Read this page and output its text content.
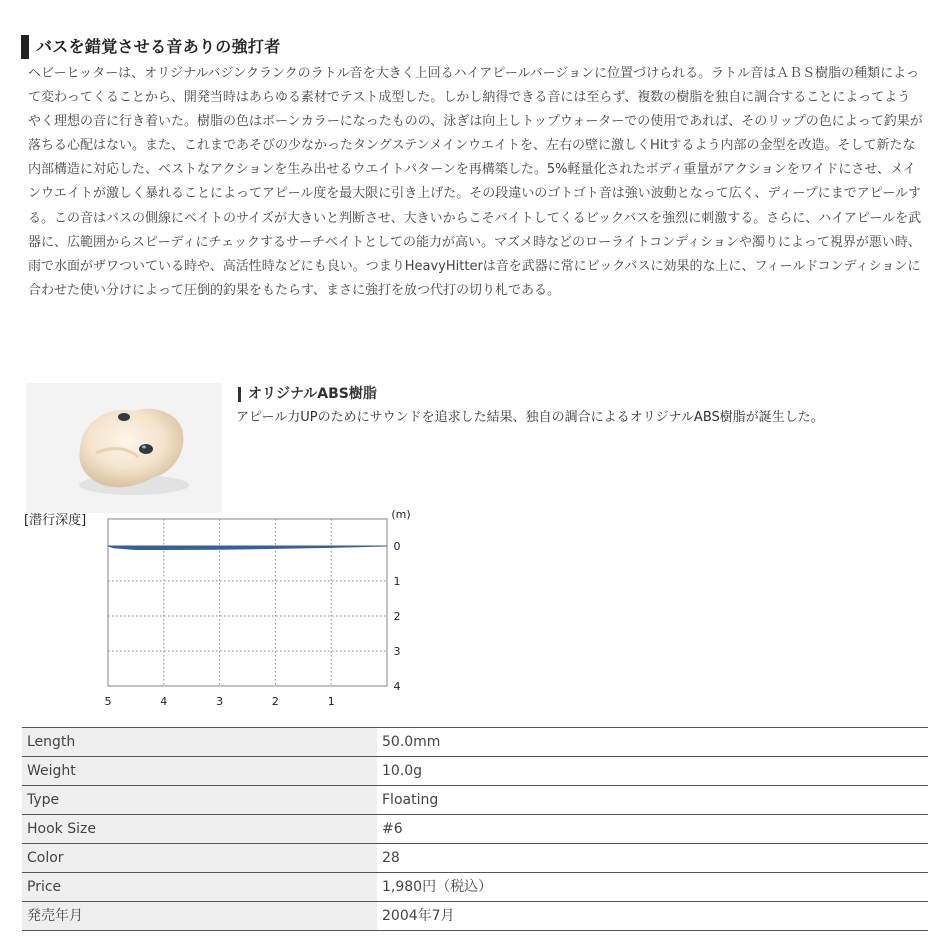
バスを錯覚させる音ありの強打者

ヘビーヒッターは、オリジナルバジンクランクのラトル音を大きく上回るハイアピールバージョンに位置づけられる。ラトル音はＡＢＳ樹脂の種類によって変わってくることから、開発当時はあらゆる素材でテスト成型した。しかし納得できる音には至らず、複数の樹脂を独自に調合することによってようやく理想の音に行き着いた。樹脂の色はボーンカラーになったものの、泳ぎは向上しトップウォーターでの使用であれば、そのリップの色によって釣果が落ちる心配はない。また、これまであそびの少なかったタングステンメインウエイトを、左右の壁に激しくHitするよう内部の金型を改造。そして新たな内部構造に対応した、ベストなアクションを生み出せるウエイトパターンを再構築した。5%軽量化されたボディ重量がアクションをワイドにさせ、メインウエイトが激しく暴れることによってアピール度を最大限に引き上げた。その段違いのゴトゴト音は強い波動となって広く、ディープにまでアピールする。この音はバスの側線にベイトのサイズが大きいと判断させ、大きいからこそバイトしてくるビックバスを強烈に刺激する。さらに、ハイアピールを武器に、広範囲からスピーディにチェックするサーチベイトとしての能力が高い。マズメ時などのローライトコンディションや濁りによって視界が悪い時、雨で水面がザワついている時や、高活性時などにも良い。つまりHeavyHitterは音を武器に常にビックバスに効果的な上に、フィールドコンディションに合わせた使い分けによって圧倒的釣果をもたらす、まさに強打を放つ代打の切り札である。

オリジナルABS樹脂
アピール力UPのためにサウンドを追求した結果、独自の調合によるオリジナルABS樹脂が誕生した。
5	4	3	2	1
0
1
2
3
4
(m)
[潜行深度]
Length	50.0mm
Weight	10.0g
Type	Floating
Hook Size	#6
Color	28
Price	1,980円（税込）
発売年月	2004年7月
